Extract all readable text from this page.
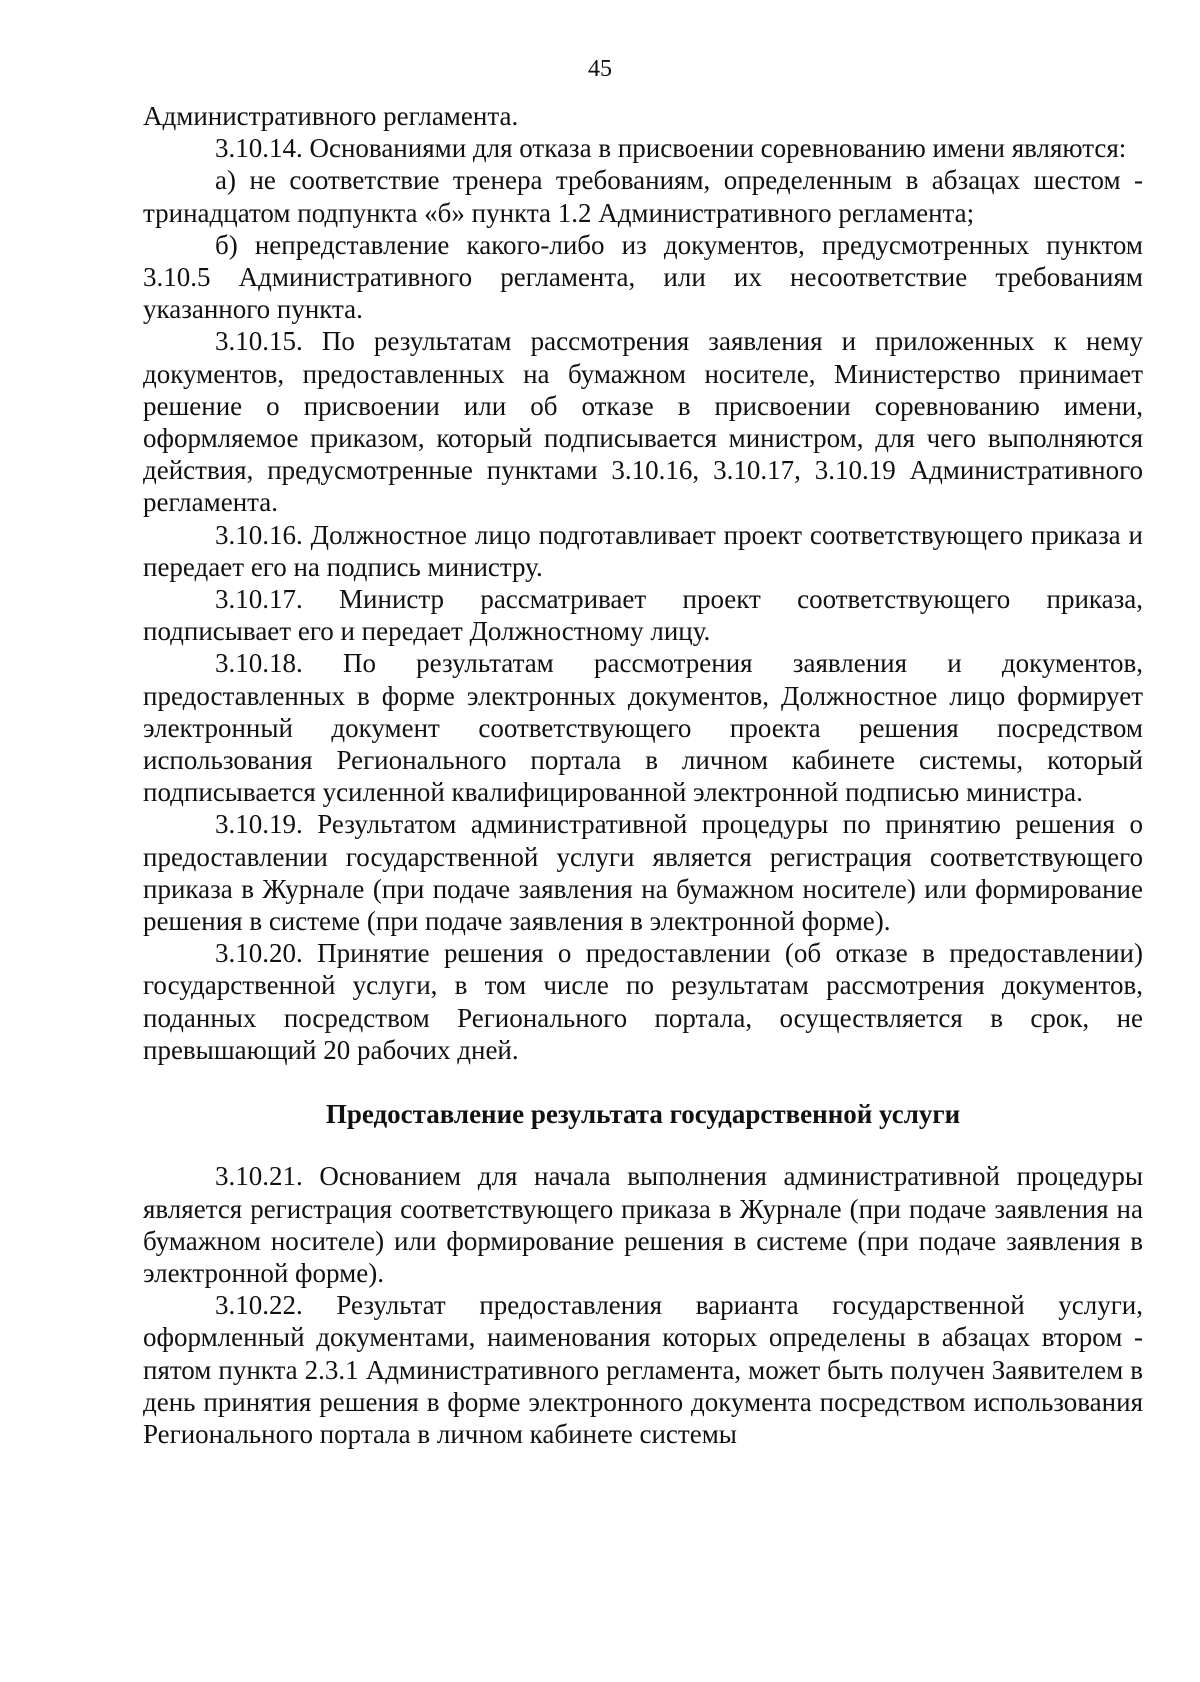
45

Административного регламента.

3.10.14. Основаниями для отказа в присвоении соревнованию имени являются:

а) не соответствие тренера требованиям, определенным в абзацах шестом - тринадцатом подпункта «б» пункта 1.2 Административного регламента;

б) непредставление какого-либо из документов, предусмотренных пунктом 3.10.5 Административного регламента, или их несоответствие требованиям указанного пункта.

3.10.15. По результатам рассмотрения заявления и приложенных к нему документов, предоставленных на бумажном носителе, Министерство принимает решение о присвоении или об отказе в присвоении соревнованию имени, оформляемое приказом, который подписывается министром, для чего выполняются действия, предусмотренные пунктами 3.10.16, 3.10.17, 3.10.19 Административного регламента.

3.10.16. Должностное лицо подготавливает проект соответствующего приказа и передает его на подпись министру.

3.10.17. Министр рассматривает проект соответствующего приказа, подписывает его и передает Должностному лицу.

3.10.18. По результатам рассмотрения заявления и документов, предоставленных в форме электронных документов, Должностное лицо формирует электронный документ соответствующего проекта решения посредством использования Регионального портала в личном кабинете системы, который подписывается усиленной квалифицированной электронной подписью министра.

3.10.19. Результатом административной процедуры по принятию решения о предоставлении государственной услуги является регистрация соответствующего приказа в Журнале (при подаче заявления на бумажном носителе) или формирование решения в системе (при подаче заявления в электронной форме).

3.10.20. Принятие решения о предоставлении (об отказе в предоставлении) государственной услуги, в том числе по результатам рассмотрения документов, поданных посредством Регионального портала, осуществляется в срок, не превышающий 20 рабочих дней.

Предоставление результата государственной услуги

3.10.21. Основанием для начала выполнения административной процедуры является регистрация соответствующего приказа в Журнале (при подаче заявления на бумажном носителе) или формирование решения в системе (при подаче заявления в электронной форме).

3.10.22. Результат предоставления варианта государственной услуги, оформленный документами, наименования которых определены в абзацах втором - пятом пункта 2.3.1 Административного регламента, может быть получен Заявителем в день принятия решения в форме электронного документа посредством использования Регионального портала в личном кабинете системы
